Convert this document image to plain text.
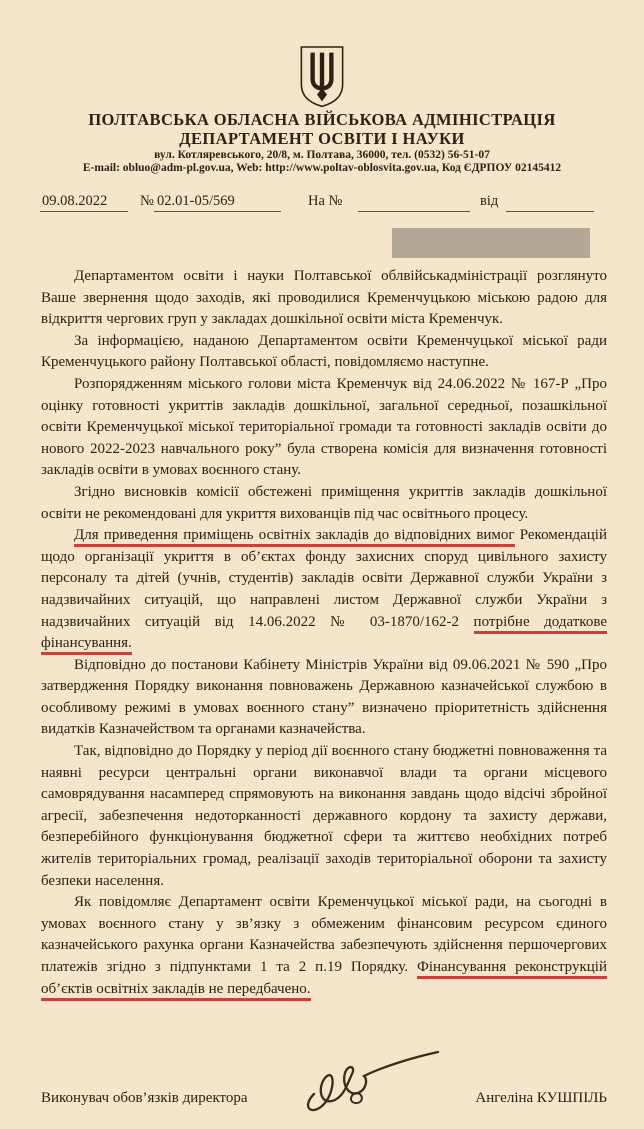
ПОЛТАВСЬКА ОБЛАСНА ВІЙСЬКОВА АДМІНІСТРАЦІЯ
ДЕПАРТАМЕНТ ОСВІТИ І НАУКИ
вул. Котляревського, 20/8, м. Полтава, 36000, тел. (0532) 56-51-07
E-mail: obluo@adm-pl.gov.ua, Web: http://www.poltav-oblosvita.gov.ua, Код ЄДРПОУ 02145412
09.08.2022	№ 02.01-05/569	На №	від

Департаментом освіти і науки Полтавської облвійськадміністрації розглянуто Ваше звернення щодо заходів, які проводилися Кременчуцькою міською радою для відкриття чергових груп у закладах дошкільної освіти міста Кременчук.

За інформацією, наданою Департаментом освіти Кременчуцької міської ради Кременчуцького району Полтавської області, повідомляємо наступне.

Розпорядженням міського голови міста Кременчук від 24.06.2022 № 167-Р „Про оцінку готовності укриттів закладів дошкільної, загальної середньої, позашкільної освіти Кременчуцької міської територіальної громади та готовності закладів освіти до нового 2022-2023 навчального року” була створена комісія для визначення готовності закладів освіти в умовах воєнного стану.

Згідно висновків комісії обстежені приміщення укриттів закладів дошкільної освіти не рекомендовані для укриття вихованців під час освітнього процесу.

Для приведення приміщень освітніх закладів до відповідних вимог Рекомендацій щодо організації укриття в об’єктах фонду захисних споруд цивільного захисту персоналу та дітей (учнів, студентів) закладів освіти Державної служби України з надзвичайних ситуацій, що направлені листом Державної служби України з надзвичайних ситуацій від 14.06.2022 № 03-1870/162-2 потрібне додаткове фінансування.

Відповідно до постанови Кабінету Міністрів України від 09.06.2021 № 590 „Про затвердження Порядку виконання повноважень Державною казначейської службою в особливому режимі в умовах воєнного стану” визначено пріоритетність здійснення видатків Казначейством та органами казначейства.

Так, відповідно до Порядку у період дії воєнного стану бюджетні повноваження та наявні ресурси центральні органи виконавчої влади та органи місцевого самоврядування насамперед спрямовують на виконання завдань щодо відсічі збройної агресії, забезпечення недоторканності державного кордону та захисту держави, безперебійного функціонування бюджетної сфери та життєво необхідних потреб жителів територіальних громад, реалізації заходів територіальної оборони та захисту безпеки населення.

Як повідомляє Департамент освіти Кременчуцької міської ради, на сьогодні в умовах воєнного стану у зв’язку з обмеженим фінансовим ресурсом єдиного казначейського рахунка органи Казначейства забезпечують здійснення першочергових платежів згідно з підпунктами 1 та 2 п.19 Порядку. Фінансування реконструкцій об’єктів освітніх закладів не передбачено.

Виконувач обов’язків директора	Ангеліна КУШПІЛЬ
